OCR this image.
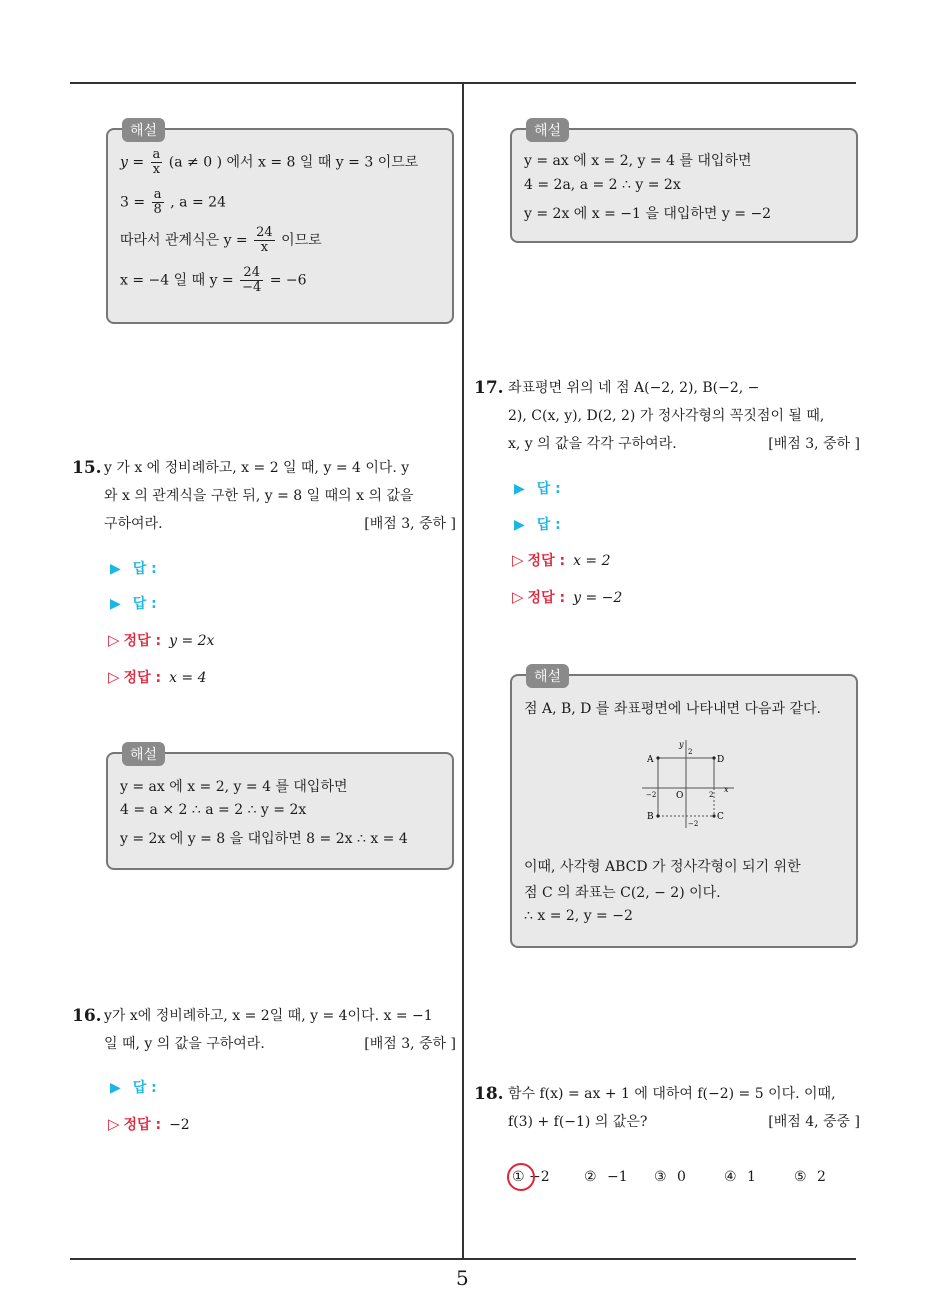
해설
$y = \frac{a}{x} (a \ne 0$ ) 에서 x = 8 일 때 y = 3 이므로
$3 = \frac{a}{8}$ , a = 24
따라서 관계식은 $y = \frac{24}{x}$ 이므로
x = −4 일 때 $y = \frac{24}{-4} = -6$
15. y 가 x 에 정비례하고, x = 2 일 때, y = 4 이다. y
와 x 의 관계식을 구한 뒤, y = 8 일 때의 x 의 값을
구하여라.	[배점 3, 중하 ]
▶ 답 :
▶ 답 :
▷ 정답 : y = 2x
▷ 정답 : x = 4
해설
y = ax 에 x = 2, y = 4 를 대입하면
4 = a × 2 ∴ a = 2 ∴ y = 2x
y = 2x 에 y = 8 을 대입하면 8 = 2x ∴ x = 4
16. y가 x에 정비례하고, x = 2일 때, y = 4이다. x = −1
일 때, y 의 값을 구하여라.	[배점 3, 중하 ]
▶ 답 :
▷ 정답 : −2
해설
y = ax 에 x = 2, y = 4 를 대입하면
4 = 2a, a = 2 ∴ y = 2x
y = 2x 에 x = −1 을 대입하면 y = −2
17. 좌표평면 위의 네 점 A(−2, 2), B(−2, −
2), C(x, y), D(2, 2) 가 정사각형의 꼭짓점이 될 때,
x, y 의 값을 각각 구하여라.	[배점 3, 중하 ]
▶ 답 :
▶ 답 :
▷ 정답 : x = 2
▷ 정답 : y = −2
해설
점 A, B, D 를 좌표평면에 나타내면 다음과 같다.
A	D
B	C
O
x
y
2
−2	2
−2
이때, 사각형 ABCD 가 정사각형이 되기 위한
점 C 의 좌표는 C(2, − 2) 이다.
∴ x = 2, y = −2
18. 함수 f(x) = ax + 1 에 대하여 f(−2) = 5 이다. 이때,
f(3) + f(−1) 의 값은?	[배점 4, 중중 ]
① −2 ② −1 ③ 0	④ 1	⑤ 2
5
